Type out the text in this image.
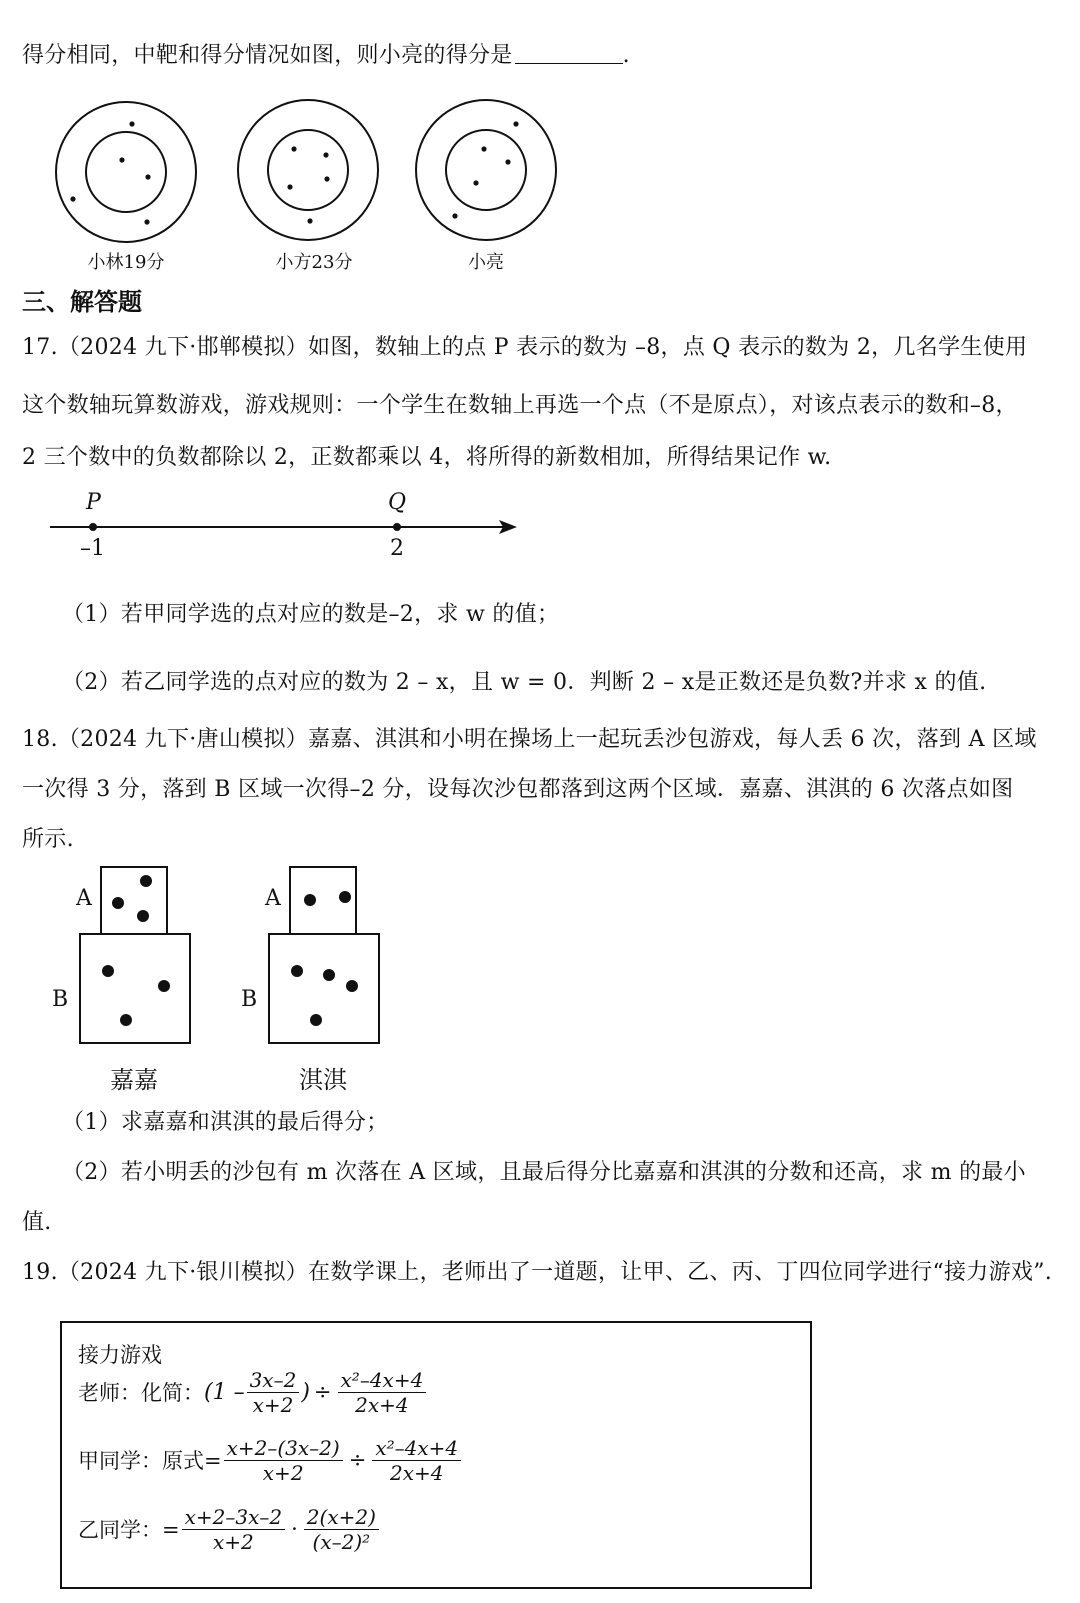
得分相同，中靶和得分情况如图，则小亮的得分是	.
小林19分	小方23分	小亮
三、解答题
17.（2024 九下·邯郸模拟）如图，数轴上的点 P 表示的数为 –8，点 Q 表示的数为 2，几名学生使用
这个数轴玩算数游戏，游戏规则：一个学生在数轴上再选一个点（不是原点），对该点表示的数和–8，
2 三个数中的负数都除以 2，正数都乘以 4，将所得的新数相加，所得结果记作 w.
P	Q
–1	2
（1）若甲同学选的点对应的数是–2，求 w 的值；
（2）若乙同学选的点对应的数为 2 – x，且 w = 0．判断 2 – x是正数还是负数?并求 x 的值.
18.（2024 九下·唐山模拟）嘉嘉、淇淇和小明在操场上一起玩丢沙包游戏，每人丢 6 次，落到 A 区域
一次得 3 分，落到 B 区域一次得–2 分，设每次沙包都落到这两个区域．嘉嘉、淇淇的 6 次落点如图
所示.
A
B
A
B
嘉嘉	淇淇
（1）求嘉嘉和淇淇的最后得分；
（2）若小明丢的沙包有 m 次落在 A 区域，且最后得分比嘉嘉和淇淇的分数和还高，求 m 的最小
值.
19.（2024 九下·银川模拟）在数学课上，老师出了一道题，让甲、乙、丙、丁四位同学进行“接力游戏”.
接力游戏
老师：化简： ($1 - \frac{3x-2}{x+2}$ ) ÷ $\frac{\text{x²–4x+4}}{2x+4}$
甲同学：原式= $\frac{x+2-(3x-2)}{x+2} \div \frac{\text{x²–4x+4}}{2x+4}$
乙同学：= $\frac{x+2-3x-2}{x+2} \cdot \frac{2(x+2)}{\text{(x–2)²}}$
